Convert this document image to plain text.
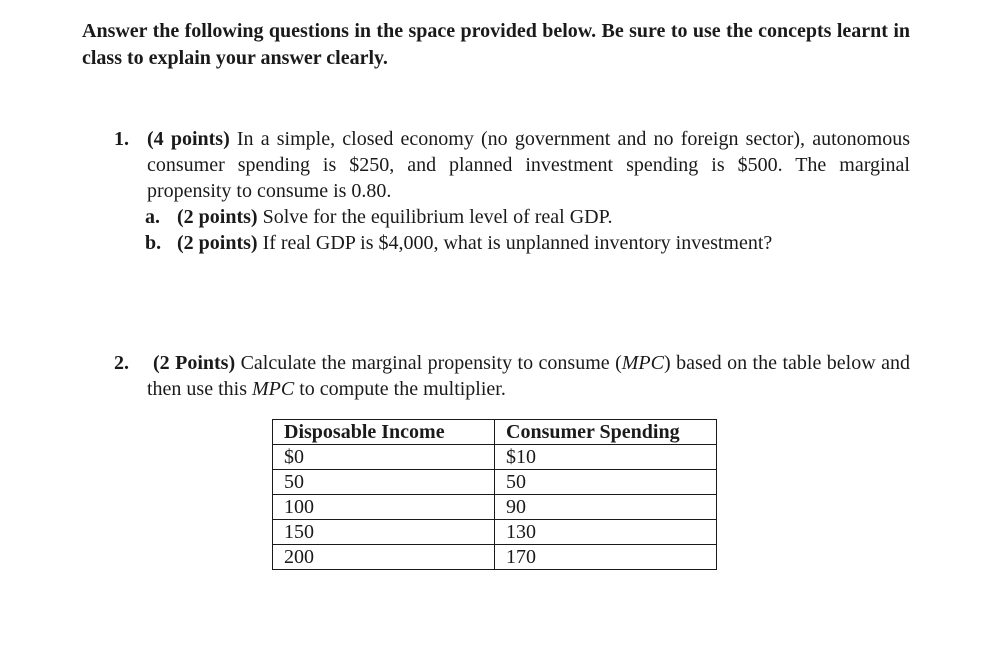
Answer the following questions in the space provided below. Be sure to use the concepts learnt in class to explain your answer clearly.
1. (4 points) In a simple, closed economy (no government and no foreign sector), autonomous consumer spending is $250, and planned investment spending is $500. The marginal propensity to consume is 0.80.
a. (2 points) Solve for the equilibrium level of real GDP.
b. (2 points) If real GDP is $4,000, what is unplanned inventory investment?
2.	(2 Points) Calculate the marginal propensity to consume (MPC) based on the table below and then use this MPC to compute the multiplier.
Disposable Income	Consumer Spending
$0	$10
50	50
100	90
150	130
200	170
